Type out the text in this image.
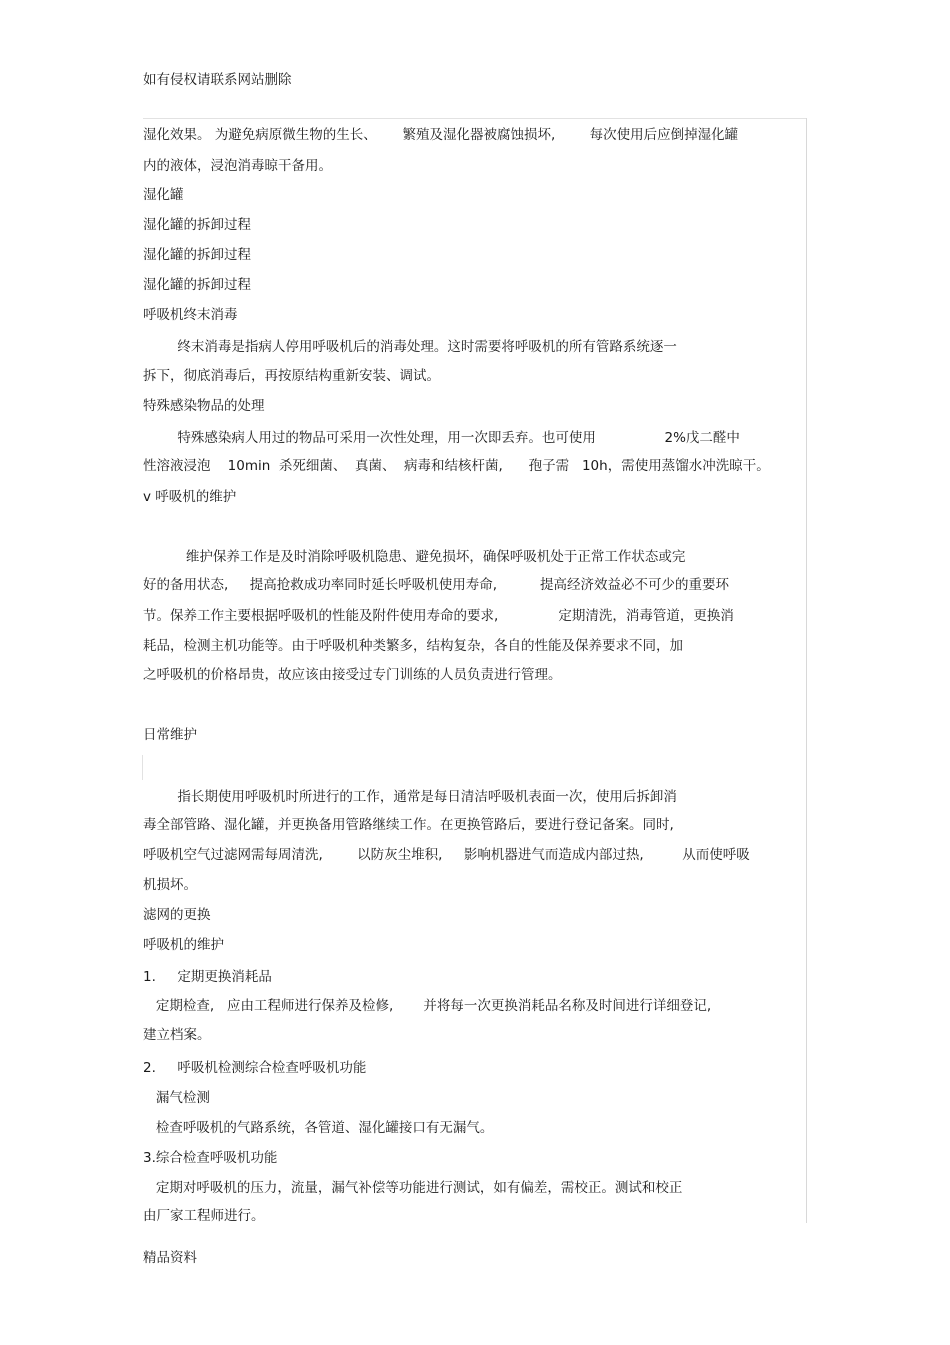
如有侵权请联系网站删除
湿化效果。 为避免病原微生物的生长、      繁殖及湿化器被腐蚀损坏,        每次使用后应倒掉湿化罐
内的液体，浸泡消毒晾干备用。
湿化罐
湿化罐的拆卸过程
湿化罐的拆卸过程
湿化罐的拆卸过程
呼吸机终末消毒
终末消毒是指病人停用呼吸机后的消毒处理。这时需要将呼吸机的所有管路系统逐一
拆下，彻底消毒后，再按原结构重新安装、调试。
特殊感染物品的处理
特殊感染病人用过的物品可采用一次性处理，用一次即丢弃。也可使用                2%戊二醛中
性溶液浸泡    10min  杀死细菌、  真菌、  病毒和结核杆菌,      孢子需   10h，需使用蒸馏水冲洗晾干。
v 呼吸机的维护
维护保养工作是及时消除呼吸机隐患、避免损坏，确保呼吸机处于正常工作状态或完
好的备用状态,     提高抢救成功率同时延长呼吸机使用寿命,          提高经济效益必不可少的重要环
节。保养工作主要根据呼吸机的性能及附件使用寿命的要求,              定期清洗，消毒管道，更换消
耗品，检测主机功能等。由于呼吸机种类繁多，结构复杂，各自的性能及保养要求不同，加
之呼吸机的价格昂贵，故应该由接受过专门训练的人员负责进行管理。
日常维护
指长期使用呼吸机时所进行的工作，通常是每日清洁呼吸机表面一次，使用后拆卸消
毒全部管路、湿化罐，并更换备用管路继续工作。在更换管路后，要进行登记备案。同时,
呼吸机空气过滤网需每周清洗,        以防灰尘堆积,     影响机器进气而造成内部过热,         从而使呼吸
机损坏。
滤网的更换
呼吸机的维护
1.     定期更换消耗品
定期检查,   应由工程师进行保养及检修,       并将每一次更换消耗品名称及时间进行详细登记,
建立档案。
2.     呼吸机检测综合检查呼吸机功能
漏气检测
检查呼吸机的气路系统，各管道、湿化罐接口有无漏气。
3.综合检查呼吸机功能
定期对呼吸机的压力，流量，漏气补偿等功能进行测试，如有偏差，需校正。测试和校正
由厂家工程师进行。
精品资料
